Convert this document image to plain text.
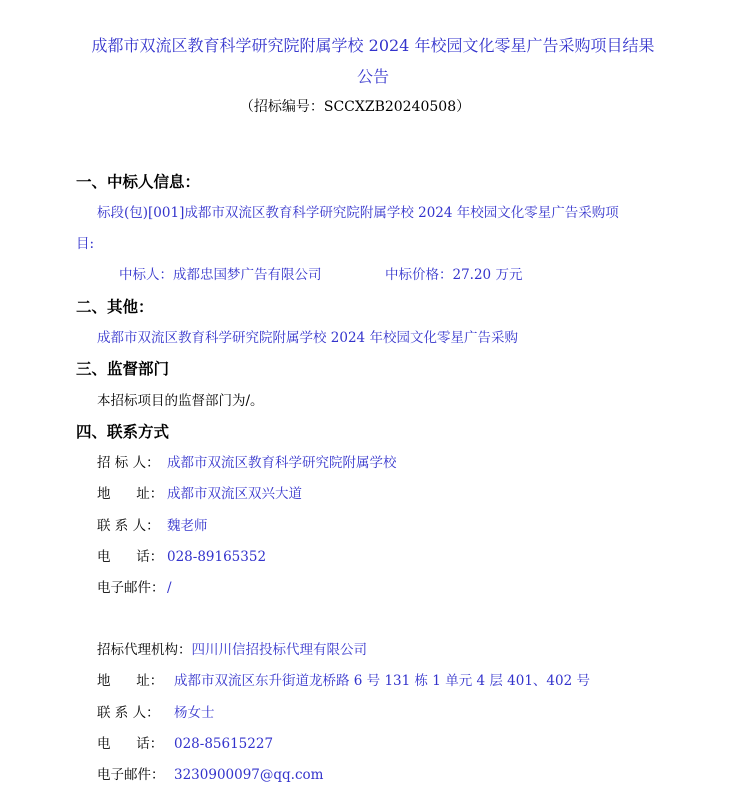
成都市双流区教育科学研究院附属学校 2024 年校园文化零星广告采购项目结果
公告
（招标编号：SCCXZB20240508）
一、中标人信息：
标段(包)[001]成都市双流区教育科学研究院附属学校 2024 年校园文化零星广告采购项
目:
中标人：成都忠国梦广告有限公司	中标价格：27.20 万元
二、其他：
成都市双流区教育科学研究院附属学校 2024 年校园文化零星广告采购
三、监督部门
本招标项目的监督部门为/。
四、联系方式
招 标 人： 成都市双流区教育科学研究院附属学校
地      址： 成都市双流区双兴大道
联 系 人： 魏老师
电      话： 028-89165352
电子邮件： /
招标代理机构：四川川信招投标代理有限公司
地      址： 成都市双流区东升街道龙桥路 6 号 131 栋 1 单元 4 层 401、402 号
联 系 人： 杨女士
电      话： 028-85615227
电子邮件： 3230900097@qq.com
